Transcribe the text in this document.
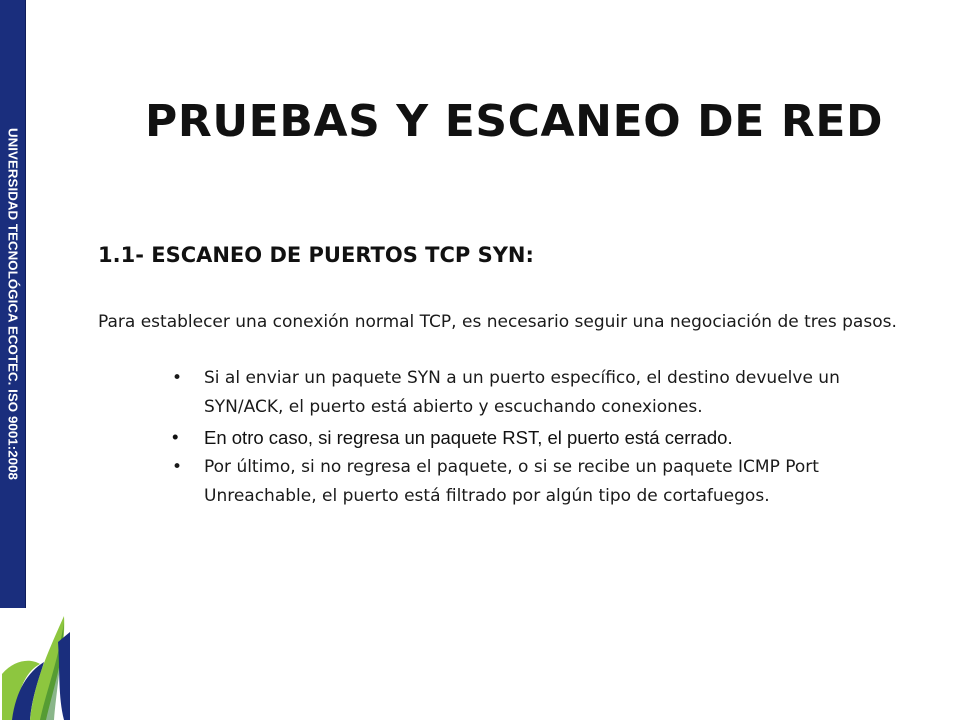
UNIVERSIDAD TECNOLÓGICA ECOTEC. ISO 9001:2008
PRUEBAS Y ESCANEO DE RED
1.1- ESCANEO DE PUERTOS TCP SYN:

Para establecer una conexión normal TCP, es necesario seguir una negociación de tres pasos.

• Si al enviar un paquete SYN a un puerto específico, el destino devuelve un SYN/ACK, el puerto está abierto y escuchando conexiones.
• En otro caso, si regresa un paquete RST, el puerto está cerrado.
• Por último, si no regresa el paquete, o si se recibe un paquete ICMP Port Unreachable, el puerto está filtrado por algún tipo de cortafuegos.
